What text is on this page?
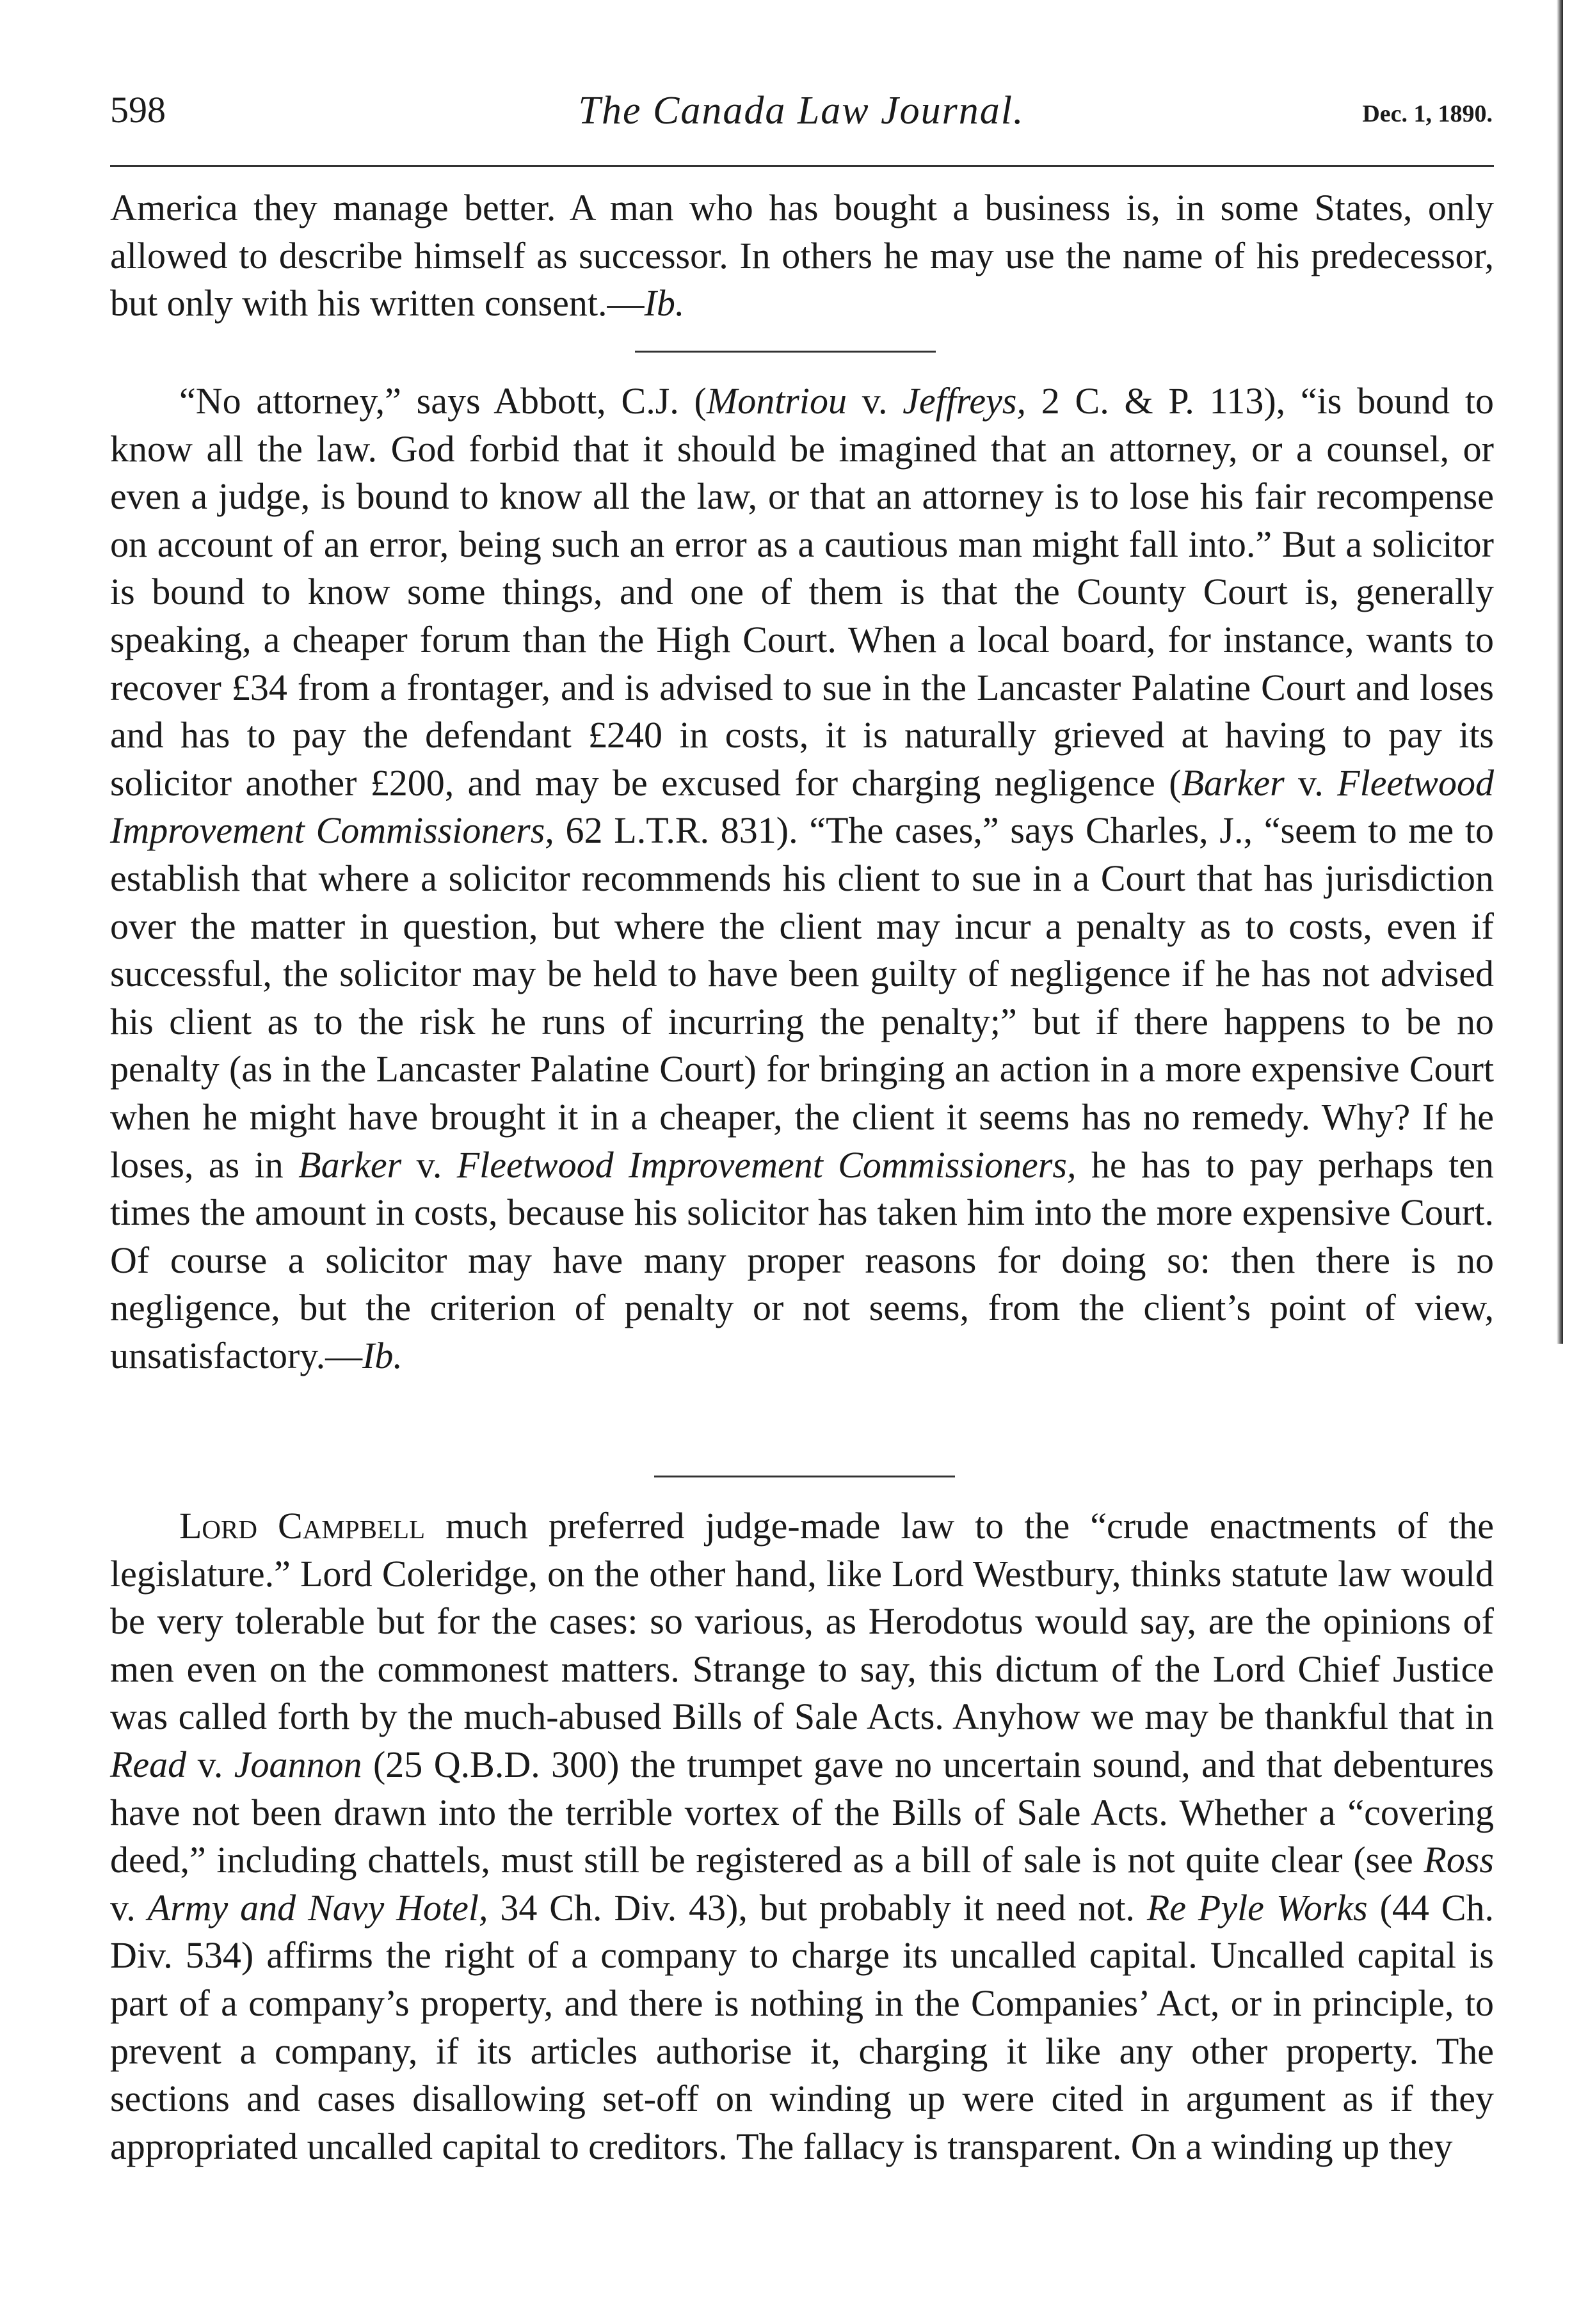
598	The Canada Law Journal.	Dec. 1, 1890.

America they manage better. A man who has bought a business is, in some States, only allowed to describe himself as successor. In others he may use the name of his predecessor, but only with his written consent.—Ib.

“No attorney,” says Abbott, C.J. (Montriou v. Jeffreys, 2 C. & P. 113), “is bound to know all the law. God forbid that it should be imagined that an attorney, or a counsel, or even a judge, is bound to know all the law, or that an attorney is to lose his fair recompense on account of an error, being such an error as a cautious man might fall into.” But a solicitor is bound to know some things, and one of them is that the County Court is, generally speaking, a cheaper forum than the High Court. When a local board, for instance, wants to recover £34 from a frontager, and is advised to sue in the Lancaster Palatine Court and loses and has to pay the defendant £240 in costs, it is naturally grieved at having to pay its solicitor another £200, and may be excused for charging negligence (Barker v. Fleetwood Improvement Commissioners, 62 L.T.R. 831). “The cases,” says Charles, J., “seem to me to establish that where a solicitor recommends his client to sue in a Court that has jurisdiction over the matter in question, but where the client may incur a penalty as to costs, even if successful, the solicitor may be held to have been guilty of negligence if he has not advised his client as to the risk he runs of incurring the penalty;” but if there happens to be no penalty (as in the Lancaster Palatine Court) for bringing an action in a more expensive Court when he might have brought it in a cheaper, the client it seems has no remedy. Why? If he loses, as in Barker v. Fleetwood Improvement Commissioners, he has to pay perhaps ten times the amount in costs, because his solicitor has taken him into the more expensive Court. Of course a solicitor may have many proper reasons for doing so: then there is no negligence, but the criterion of penalty or not seems, from the client’s point of view, unsatisfactory.—Ib.

Lord Campbell much preferred judge-made law to the “crude enactments of the legislature.” Lord Coleridge, on the other hand, like Lord Westbury, thinks statute law would be very tolerable but for the cases: so various, as Herodotus would say, are the opinions of men even on the commonest matters. Strange to say, this dictum of the Lord Chief Justice was called forth by the much-abused Bills of Sale Acts. Anyhow we may be thankful that in Read v. Joannon (25 Q.B.D. 300) the trumpet gave no uncertain sound, and that debentures have not been drawn into the terrible vortex of the Bills of Sale Acts. Whether a “covering deed,” including chattels, must still be registered as a bill of sale is not quite clear (see Ross v. Army and Navy Hotel, 34 Ch. Div. 43), but probably it need not. Re Pyle Works (44 Ch. Div. 534) affirms the right of a company to charge its uncalled capital. Uncalled capital is part of a company’s property, and there is nothing in the Companies’ Act, or in principle, to prevent a company, if its articles authorise it, charging it like any other property. The sections and cases disallowing set-off on winding up were cited in argument as if they appropriated uncalled capital to creditors. The fallacy is transparent. On a winding up they
